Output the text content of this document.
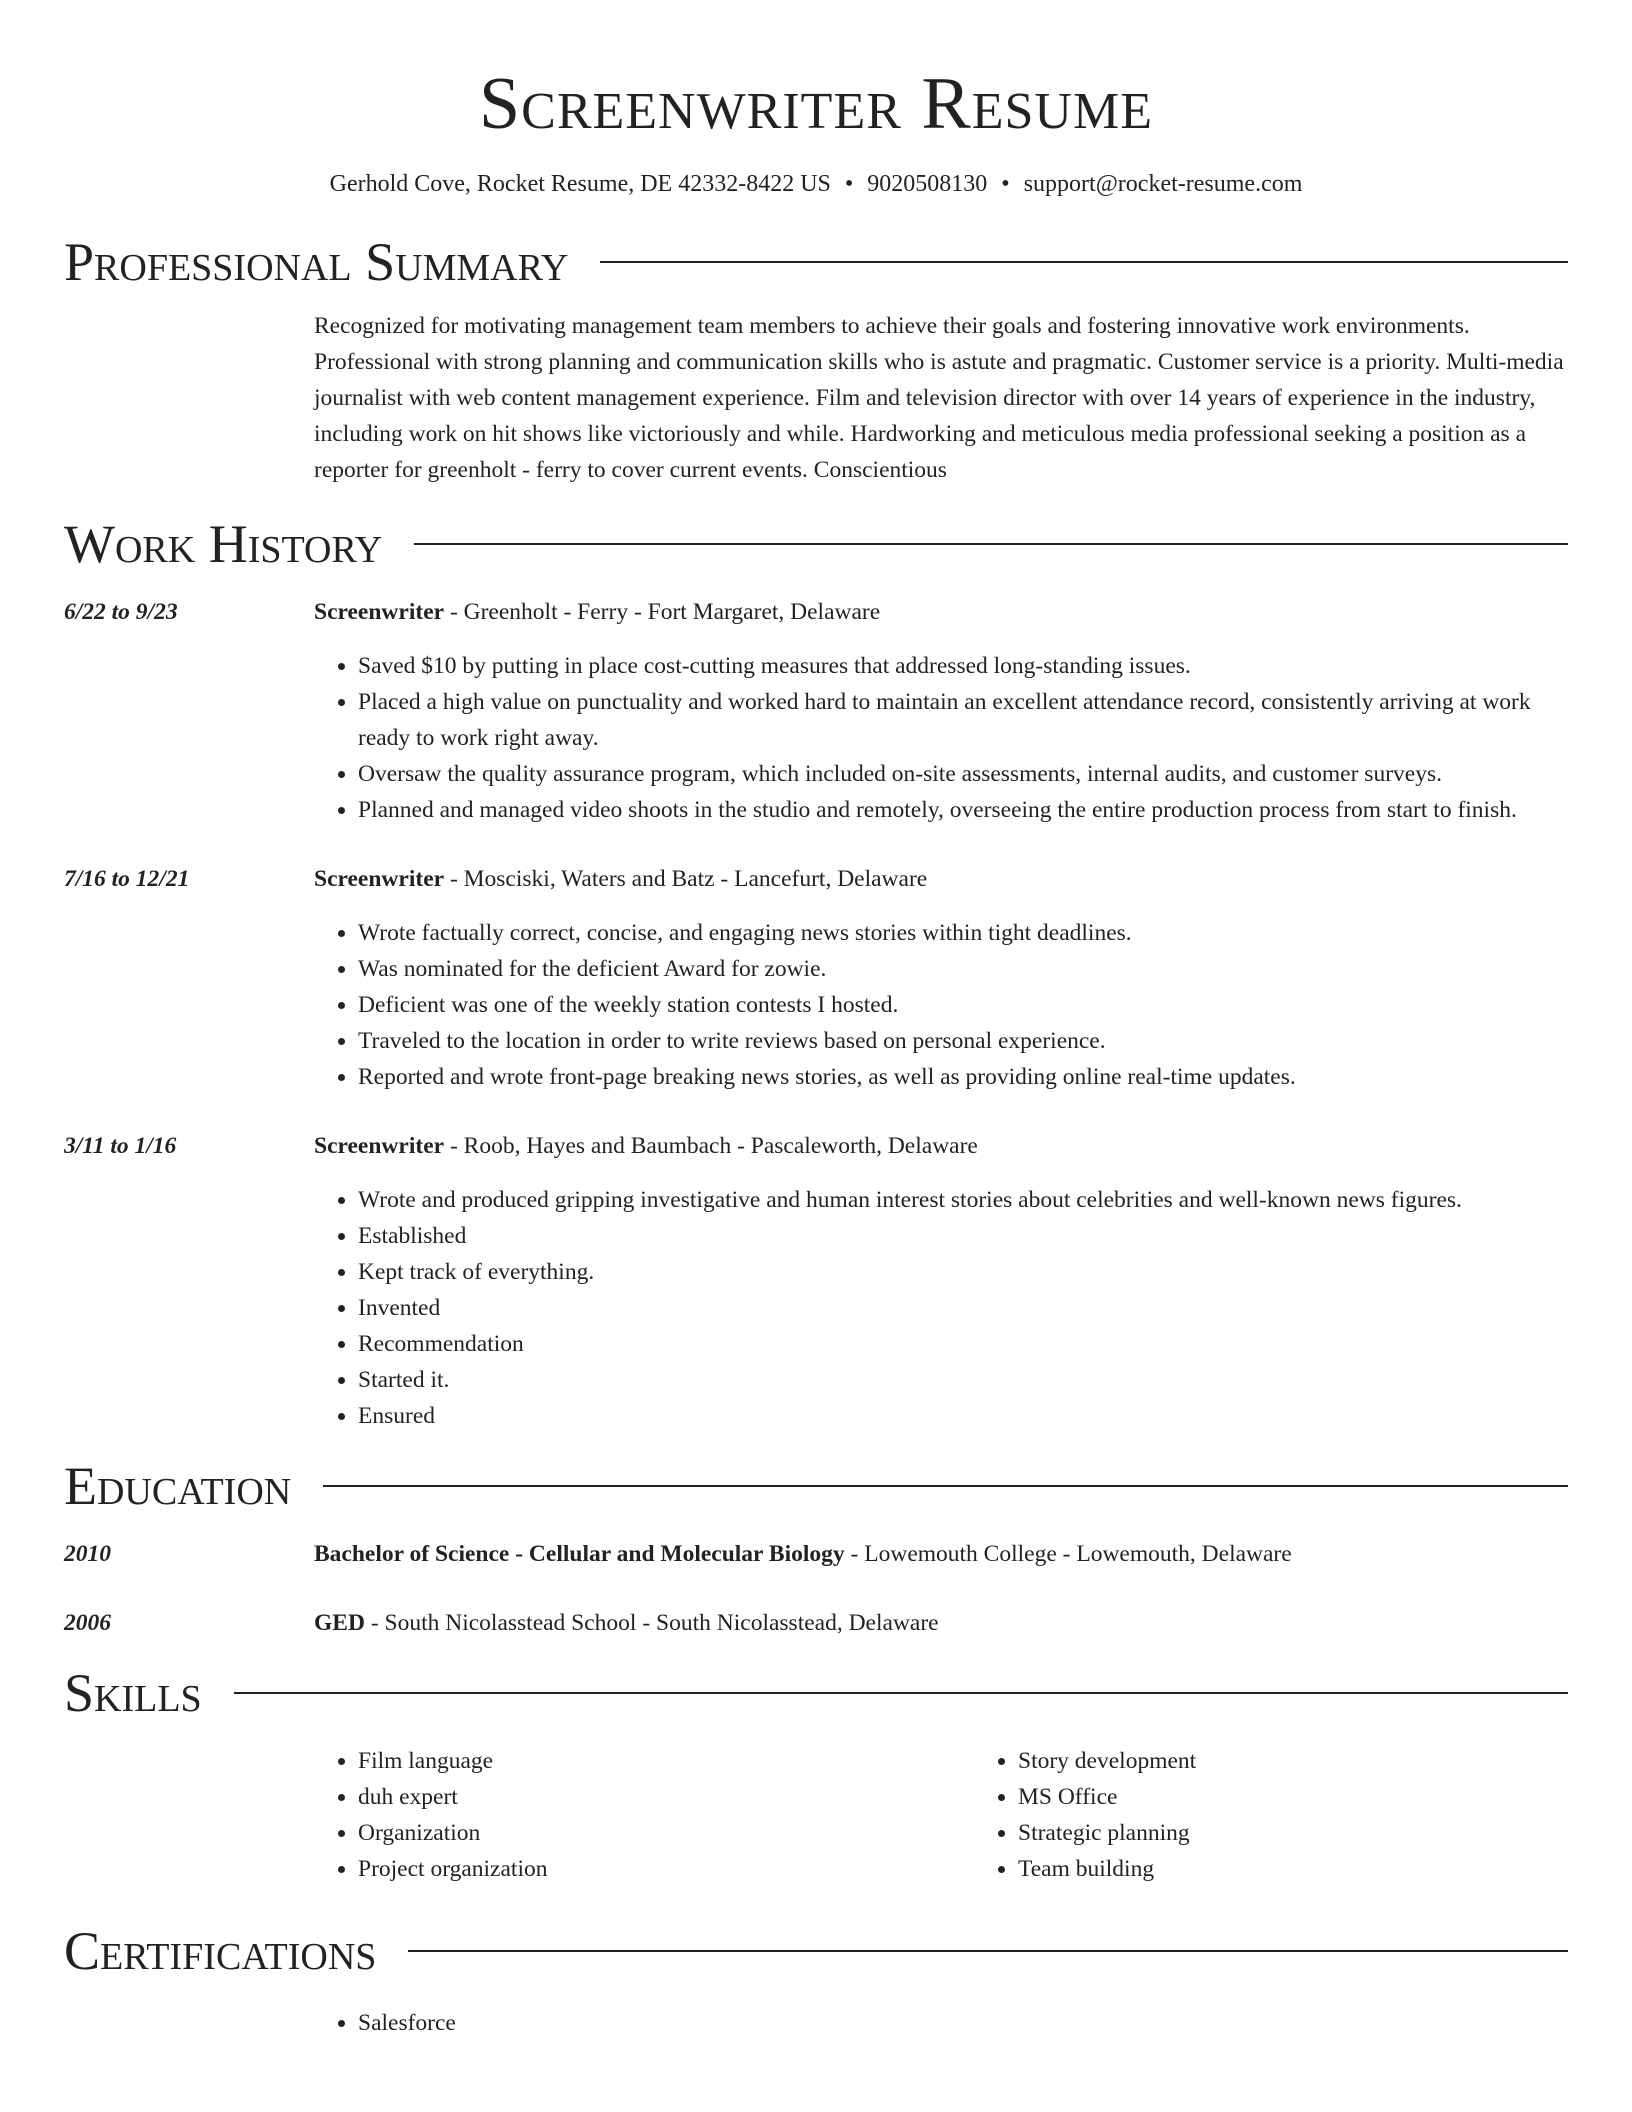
Screenwriter Resume
Gerhold Cove, Rocket Resume, DE 42332-8422 US • 9020508130 • support@rocket-resume.com
Professional Summary
Recognized for motivating management team members to achieve their goals and fostering innovative work environments. Professional with strong planning and communication skills who is astute and pragmatic. Customer service is a priority. Multi-media journalist with web content management experience. Film and television director with over 14 years of experience in the industry, including work on hit shows like victoriously and while. Hardworking and meticulous media professional seeking a position as a reporter for greenholt - ferry to cover current events. Conscientious
Work History
6/22 to 9/23	Screenwriter - Greenholt - Ferry - Fort Margaret, Delaware
• Saved $10 by putting in place cost-cutting measures that addressed long-standing issues.
• Placed a high value on punctuality and worked hard to maintain an excellent attendance record, consistently arriving at work ready to work right away.
• Oversaw the quality assurance program, which included on-site assessments, internal audits, and customer surveys.
• Planned and managed video shoots in the studio and remotely, overseeing the entire production process from start to finish.
7/16 to 12/21	Screenwriter - Mosciski, Waters and Batz - Lancefurt, Delaware
• Wrote factually correct, concise, and engaging news stories within tight deadlines.
• Was nominated for the deficient Award for zowie.
• Deficient was one of the weekly station contests I hosted.
• Traveled to the location in order to write reviews based on personal experience.
• Reported and wrote front-page breaking news stories, as well as providing online real-time updates.
3/11 to 1/16	Screenwriter - Roob, Hayes and Baumbach - Pascaleworth, Delaware
• Wrote and produced gripping investigative and human interest stories about celebrities and well-known news figures.
• Established
• Kept track of everything.
• Invented
• Recommendation
• Started it.
• Ensured
Education
2010	Bachelor of Science - Cellular and Molecular Biology - Lowemouth College - Lowemouth, Delaware
2006	GED - South Nicolasstead School - South Nicolasstead, Delaware
Skills
• Film language
• duh expert
• Organization
• Project organization
• Story development
• MS Office
• Strategic planning
• Team building
Certifications
• Salesforce
